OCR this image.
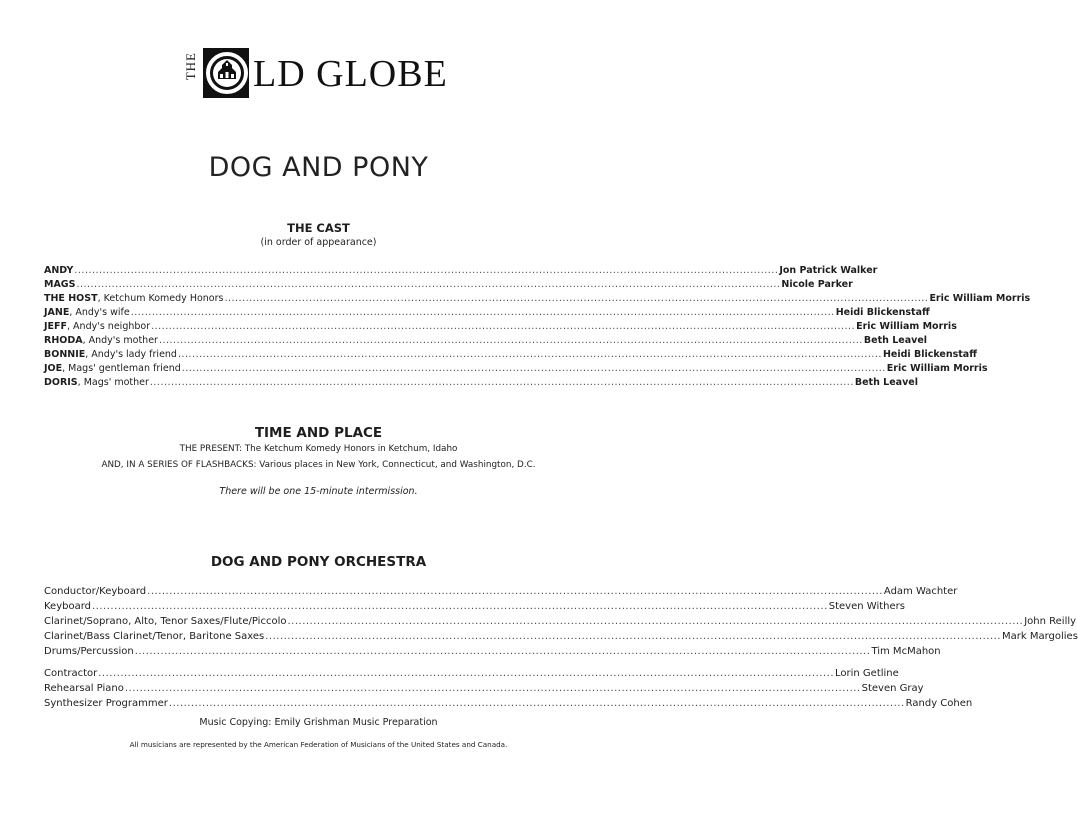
THE LD GLOBE
DOG AND PONY
THE CAST
(in order of appearance)
ANDY ........................................................................................................................................................................................................ Jon Patrick Walker
MAGS ........................................................................................................................................................................................................ Nicole Parker
THE HOST, Ketchum Komedy Honors ........................................................................................................................................................................................................ Eric William Morris
JANE, Andy's wife ........................................................................................................................................................................................................ Heidi Blickenstaff
JEFF, Andy's neighbor ........................................................................................................................................................................................................ Eric William Morris
RHODA, Andy's mother ........................................................................................................................................................................................................ Beth Leavel
BONNIE, Andy's lady friend ........................................................................................................................................................................................................ Heidi Blickenstaff
JOE, Mags' gentleman friend ........................................................................................................................................................................................................ Eric William Morris
DORIS, Mags' mother ........................................................................................................................................................................................................ Beth Leavel
TIME AND PLACE
THE PRESENT: The Ketchum Komedy Honors in Ketchum, Idaho
AND, IN A SERIES OF FLASHBACKS: Various places in New York, Connecticut, and Washington, D.C.
There will be one 15-minute intermission.
DOG AND PONY ORCHESTRA
Conductor/Keyboard ........................................................................................................................................................................................................ Adam Wachter
Keyboard ........................................................................................................................................................................................................ Steven Withers
Clarinet/Soprano, Alto, Tenor Saxes/Flute/Piccolo ........................................................................................................................................................................................................ John Reilly
Clarinet/Bass Clarinet/Tenor, Baritone Saxes ........................................................................................................................................................................................................ Mark Margolies
Drums/Percussion ........................................................................................................................................................................................................ Tim McMahon
Contractor ........................................................................................................................................................................................................ Lorin Getline
Rehearsal Piano ........................................................................................................................................................................................................ Steven Gray
Synthesizer Programmer ........................................................................................................................................................................................................ Randy Cohen
Music Copying: Emily Grishman Music Preparation
All musicians are represented by the American Federation of Musicians of the United States and Canada.
